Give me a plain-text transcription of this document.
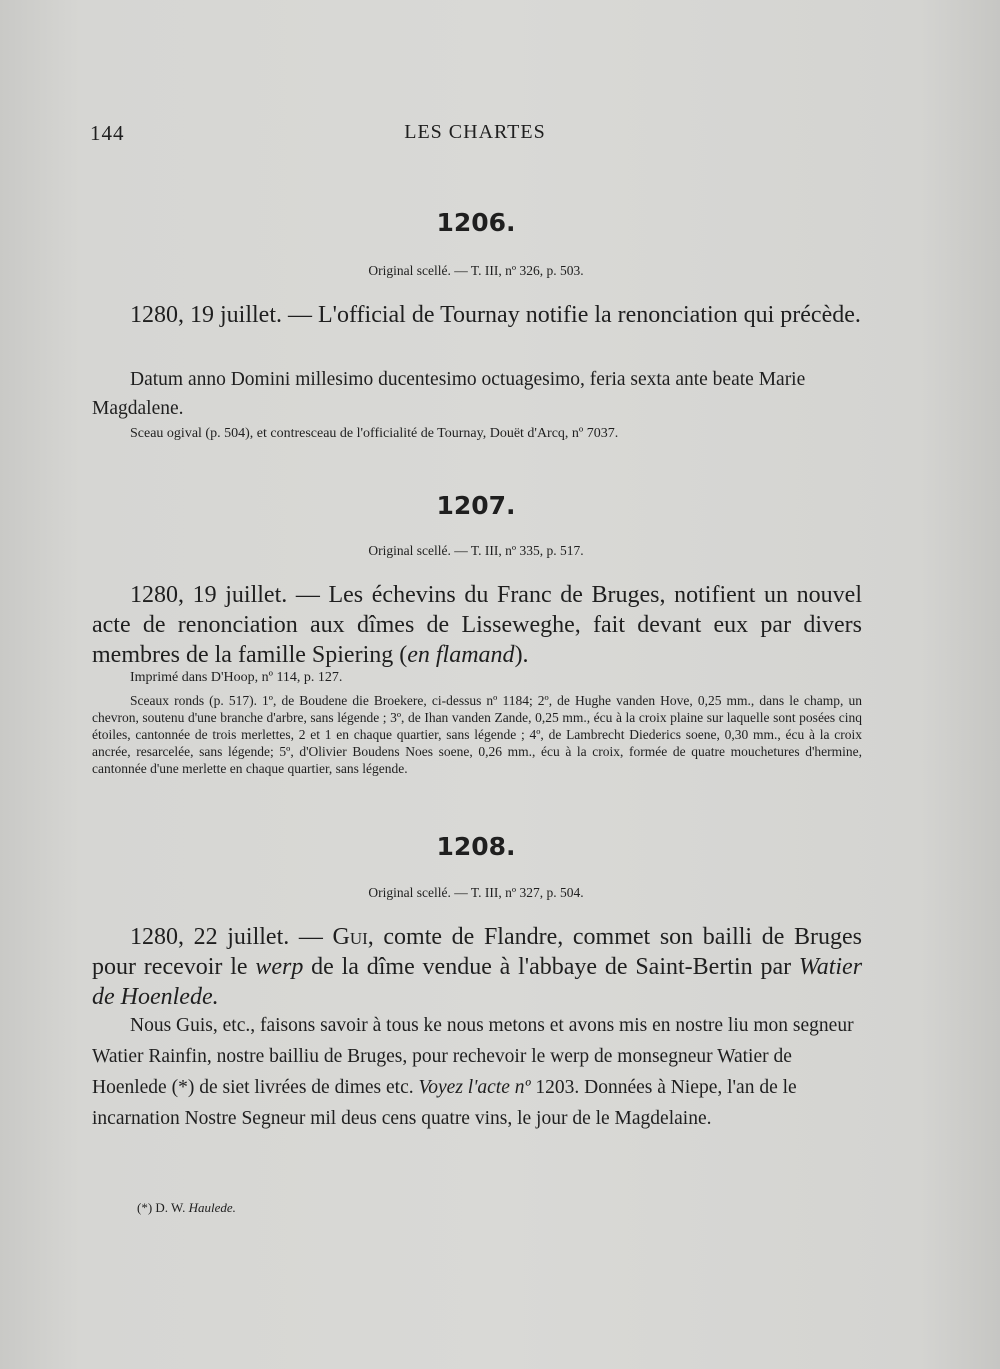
144	LES CHARTES
1206.
Original scellé. — T. III, nº 326, p. 503.
1280, 19 juillet. — L'official de Tournay notifie la renonciation qui précède.
Datum anno Domini millesimo ducentesimo octuagesimo, feria sexta ante beate Marie Magdalene.
Sceau ogival (p. 504), et contresceau de l'officialité de Tournay, Douët d'Arcq, nº 7037.
1207.
Original scellé. — T. III, nº 335, p. 517.
1280, 19 juillet. — Les échevins du Franc de Bruges, notifient un nouvel acte de renonciation aux dîmes de Lisseweghe, fait devant eux par divers membres de la famille Spiering (en flamand).
Imprimé dans D'Hoop, nº 114, p. 127.
Sceaux ronds (p. 517). 1º, de Boudene die Broekere, ci-dessus nº 1184; 2º, de Hughe vanden Hove, 0,25 mm., dans le champ, un chevron, soutenu d'une branche d'arbre, sans légende ; 3º, de Ihan vanden Zande, 0,25 mm., écu à la croix plaine sur laquelle sont posées cinq étoiles, cantonnée de trois merlettes, 2 et 1 en chaque quartier, sans légende ; 4º, de Lambrecht Diederics soene, 0,30 mm., écu à la croix ancrée, resarcelée, sans légende; 5º, d'Olivier Boudens Noes soene, 0,26 mm., écu à la croix, formée de quatre mouchetures d'hermine, cantonnée d'une merlette en chaque quartier, sans légende.
1208.
Original scellé. — T. III, nº 327, p. 504.
1280, 22 juillet. — Gui, comte de Flandre, commet son bailli de Bruges pour recevoir le werp de la dîme vendue à l'abbaye de Saint-Bertin par Watier de Hoenlede.
Nous Guis, etc., faisons savoir à tous ke nous metons et avons mis en nostre liu mon segneur Watier Rainfin, nostre bailliu de Bruges, pour rechevoir le werp de monsegneur Watier de Hoenlede (*) de siet livrées de dimes etc. Voyez l'acte nº 1203. Données à Niepe, l'an de le incarnation Nostre Segneur mil deus cens quatre vins, le jour de le Magdelaine.
(*) D. W. Haulede.
